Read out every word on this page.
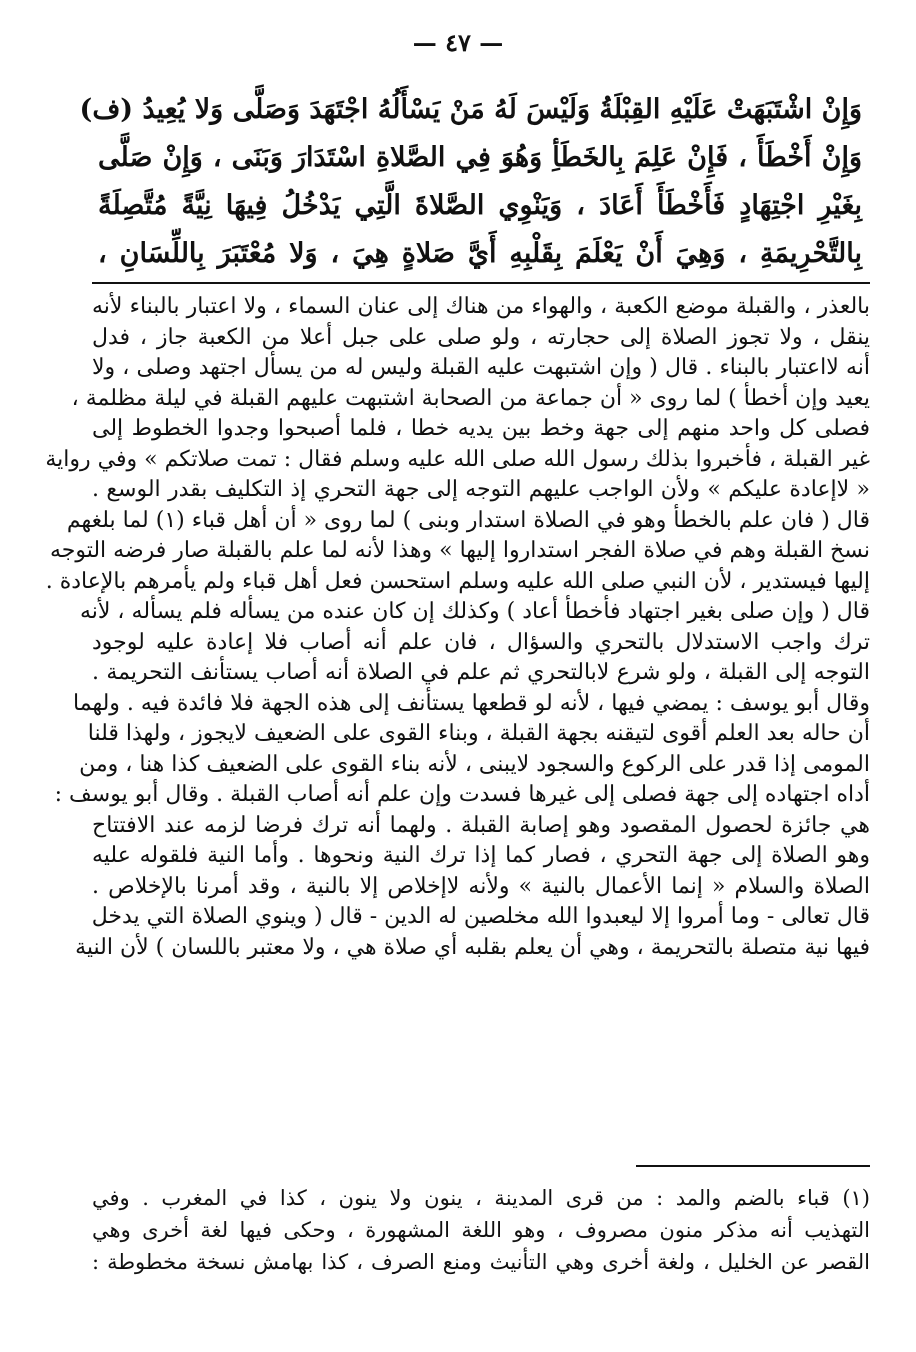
— ٤٧ —
وَإِنْ اشْتَبَهَتْ عَلَيْهِ القِبْلَةُ وَلَيْسَ لَهُ مَنْ يَسْأَلُهُ اجْتَهَدَ وَصَلَّى وَلا يُعِيدُ (ف)
وَإِنْ أَخْطَأَ ، فَإِنْ عَلِمَ بِالخَطَأِ وَهُوَ فِي الصَّلاةِ اسْتَدَارَ وَبَنَى ، وَإِنْ صَلَّى
بِغَيْرِ اجْتِهَادٍ فَأَخْطَأَ أَعَادَ ، وَيَنْوِي الصَّلاةَ الَّتِي يَدْخُلُ فِيهَا نِيَّةً مُتَّصِلَةً
بِالتَّحْرِيمَةِ ، وَهِيَ أَنْ يَعْلَمَ بِقَلْبِهِ أَيَّ صَلاةٍ هِيَ ، وَلا مُعْتَبَرَ بِاللِّسَانِ ،
بالعذر ، والقبلة موضع الكعبة ، والهواء من هناك إلى عنان السماء ، ولا اعتبار بالبناء لأنه
ينقل ، ولا تجوز الصلاة إلى حجارته ، ولو صلى على جبل أعلا من الكعبة جاز ، فدل
أنه لااعتبار بالبناء . قال ( وإن اشتبهت عليه القبلة وليس له من يسأل اجتهد وصلى ، ولا
يعيد وإن أخطأ ) لما روى « أن جماعة من الصحابة اشتبهت عليهم القبلة في ليلة مظلمة ،
فصلى كل واحد منهم إلى جهة وخط بين يديه خطا ، فلما أصبحوا وجدوا الخطوط إلى
غير القبلة ، فأخبروا بذلك رسول الله صلى الله عليه وسلم فقال : تمت صلاتكم » وفي رواية
« لاإعادة عليكم » ولأن الواجب عليهم التوجه إلى جهة التحري إذ التكليف بقدر الوسع .
قال ( فان علم بالخطأ وهو في الصلاة استدار وبنى ) لما روى « أن أهل قباء (١) لما بلغهم
نسخ القبلة وهم في صلاة الفجر استداروا إليها » وهذا لأنه لما علم بالقبلة صار فرضه التوجه
إليها فيستدير ، لأن النبي صلى الله عليه وسلم استحسن فعل أهل قباء ولم يأمرهم بالإعادة .
قال ( وإن صلى بغير اجتهاد فأخطأ أعاد ) وكذلك إن كان عنده من يسأله فلم يسأله ، لأنه
ترك واجب الاستدلال بالتحري والسؤال ، فان علم أنه أصاب فلا إعادة عليه لوجود
التوجه إلى القبلة ، ولو شرع لابالتحري ثم علم في الصلاة أنه أصاب يستأنف التحريمة .
وقال أبو يوسف : يمضي فيها ، لأنه لو قطعها يستأنف إلى هذه الجهة فلا فائدة فيه . ولهما
أن حاله بعد العلم أقوى لتيقنه بجهة القبلة ، وبناء القوى على الضعيف لايجوز ، ولهذا قلنا
المومى إذا قدر على الركوع والسجود لايبنى ، لأنه بناء القوى على الضعيف كذا هنا ، ومن
أداه اجتهاده إلى جهة فصلى إلى غيرها فسدت وإن علم أنه أصاب القبلة . وقال أبو يوسف :
هي جائزة لحصول المقصود وهو إصابة القبلة . ولهما أنه ترك فرضا لزمه عند الافتتاح
وهو الصلاة إلى جهة التحري ، فصار كما إذا ترك النية ونحوها . وأما النية فلقوله عليه
الصلاة والسلام « إنما الأعمال بالنية » ولأنه لاإخلاص إلا بالنية ، وقد أمرنا بالإخلاص .
قال تعالى - وما أمروا إلا ليعبدوا الله مخلصين له الدين - قال ( وينوي الصلاة التي يدخل
فيها نية متصلة بالتحريمة ، وهي أن يعلم بقلبه أي صلاة هي ، ولا معتبر باللسان ) لأن النية
(١) قباء بالضم والمد : من قرى المدينة ، ينون ولا ينون ، كذا في المغرب . وفي
التهذيب أنه مذكر منون مصروف ، وهو اللغة المشهورة ، وحكى فيها لغة أخرى وهي
القصر عن الخليل ، ولغة أخرى وهي التأنيث ومنع الصرف ، كذا بهامش نسخة مخطوطة :
